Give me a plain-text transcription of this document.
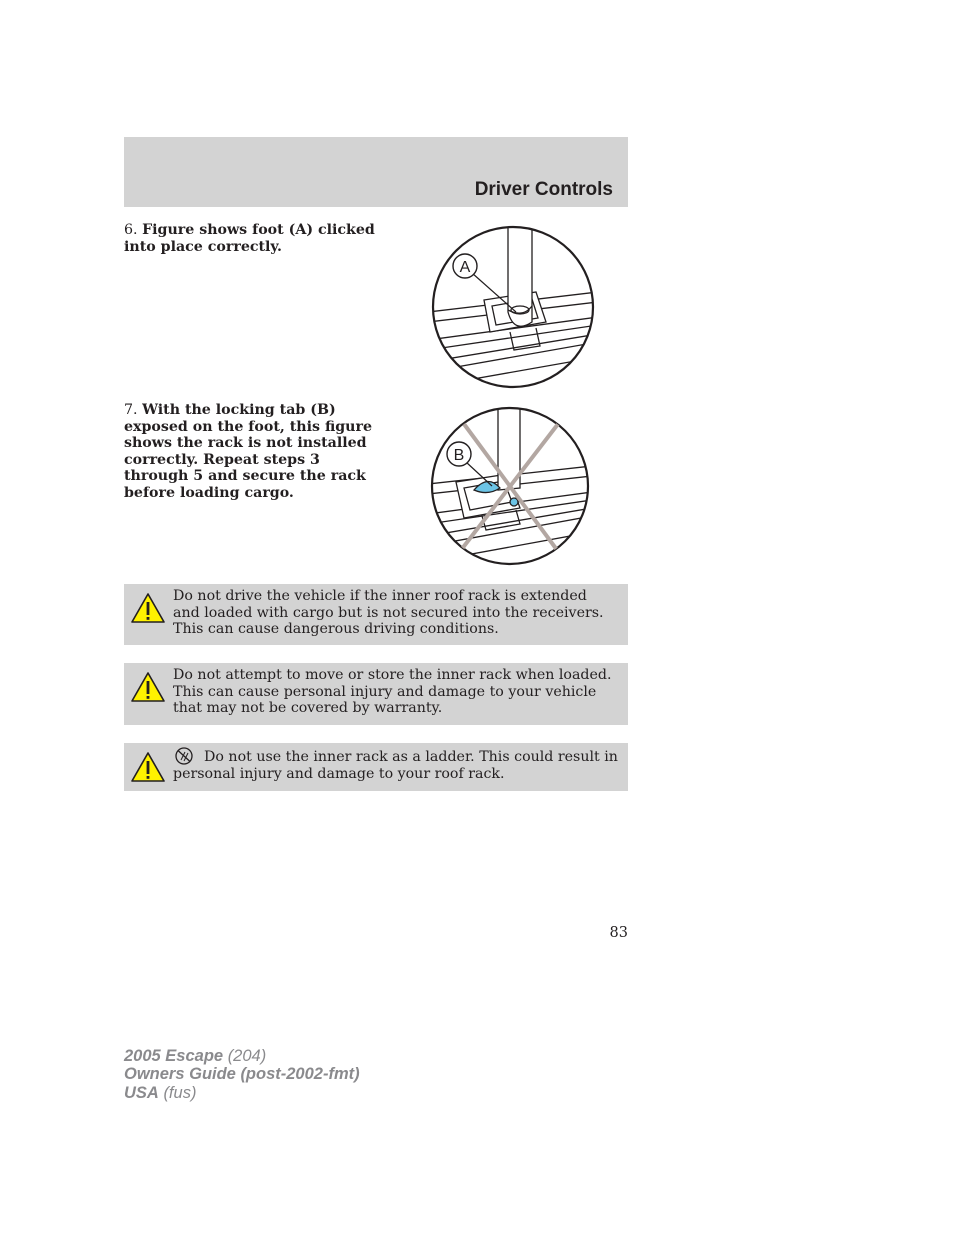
Driver Controls
6. Figure shows foot (A) clicked into place correctly.
A
7. With the locking tab (B) exposed on the foot, this figure shows the rack is not installed correctly. Repeat steps 3 through 5 and secure the rack before loading cargo.
B
Do not drive the vehicle if the inner roof rack is extended and loaded with cargo but is not secured into the receivers. This can cause dangerous driving conditions.
Do not attempt to move or store the inner rack when loaded. This can cause personal injury and damage to your vehicle that may not be covered by warranty.
Do not use the inner rack as a ladder. This could result in personal injury and damage to your roof rack.
83
2005 Escape (204)
Owners Guide (post-2002-fmt)
USA (fus)
